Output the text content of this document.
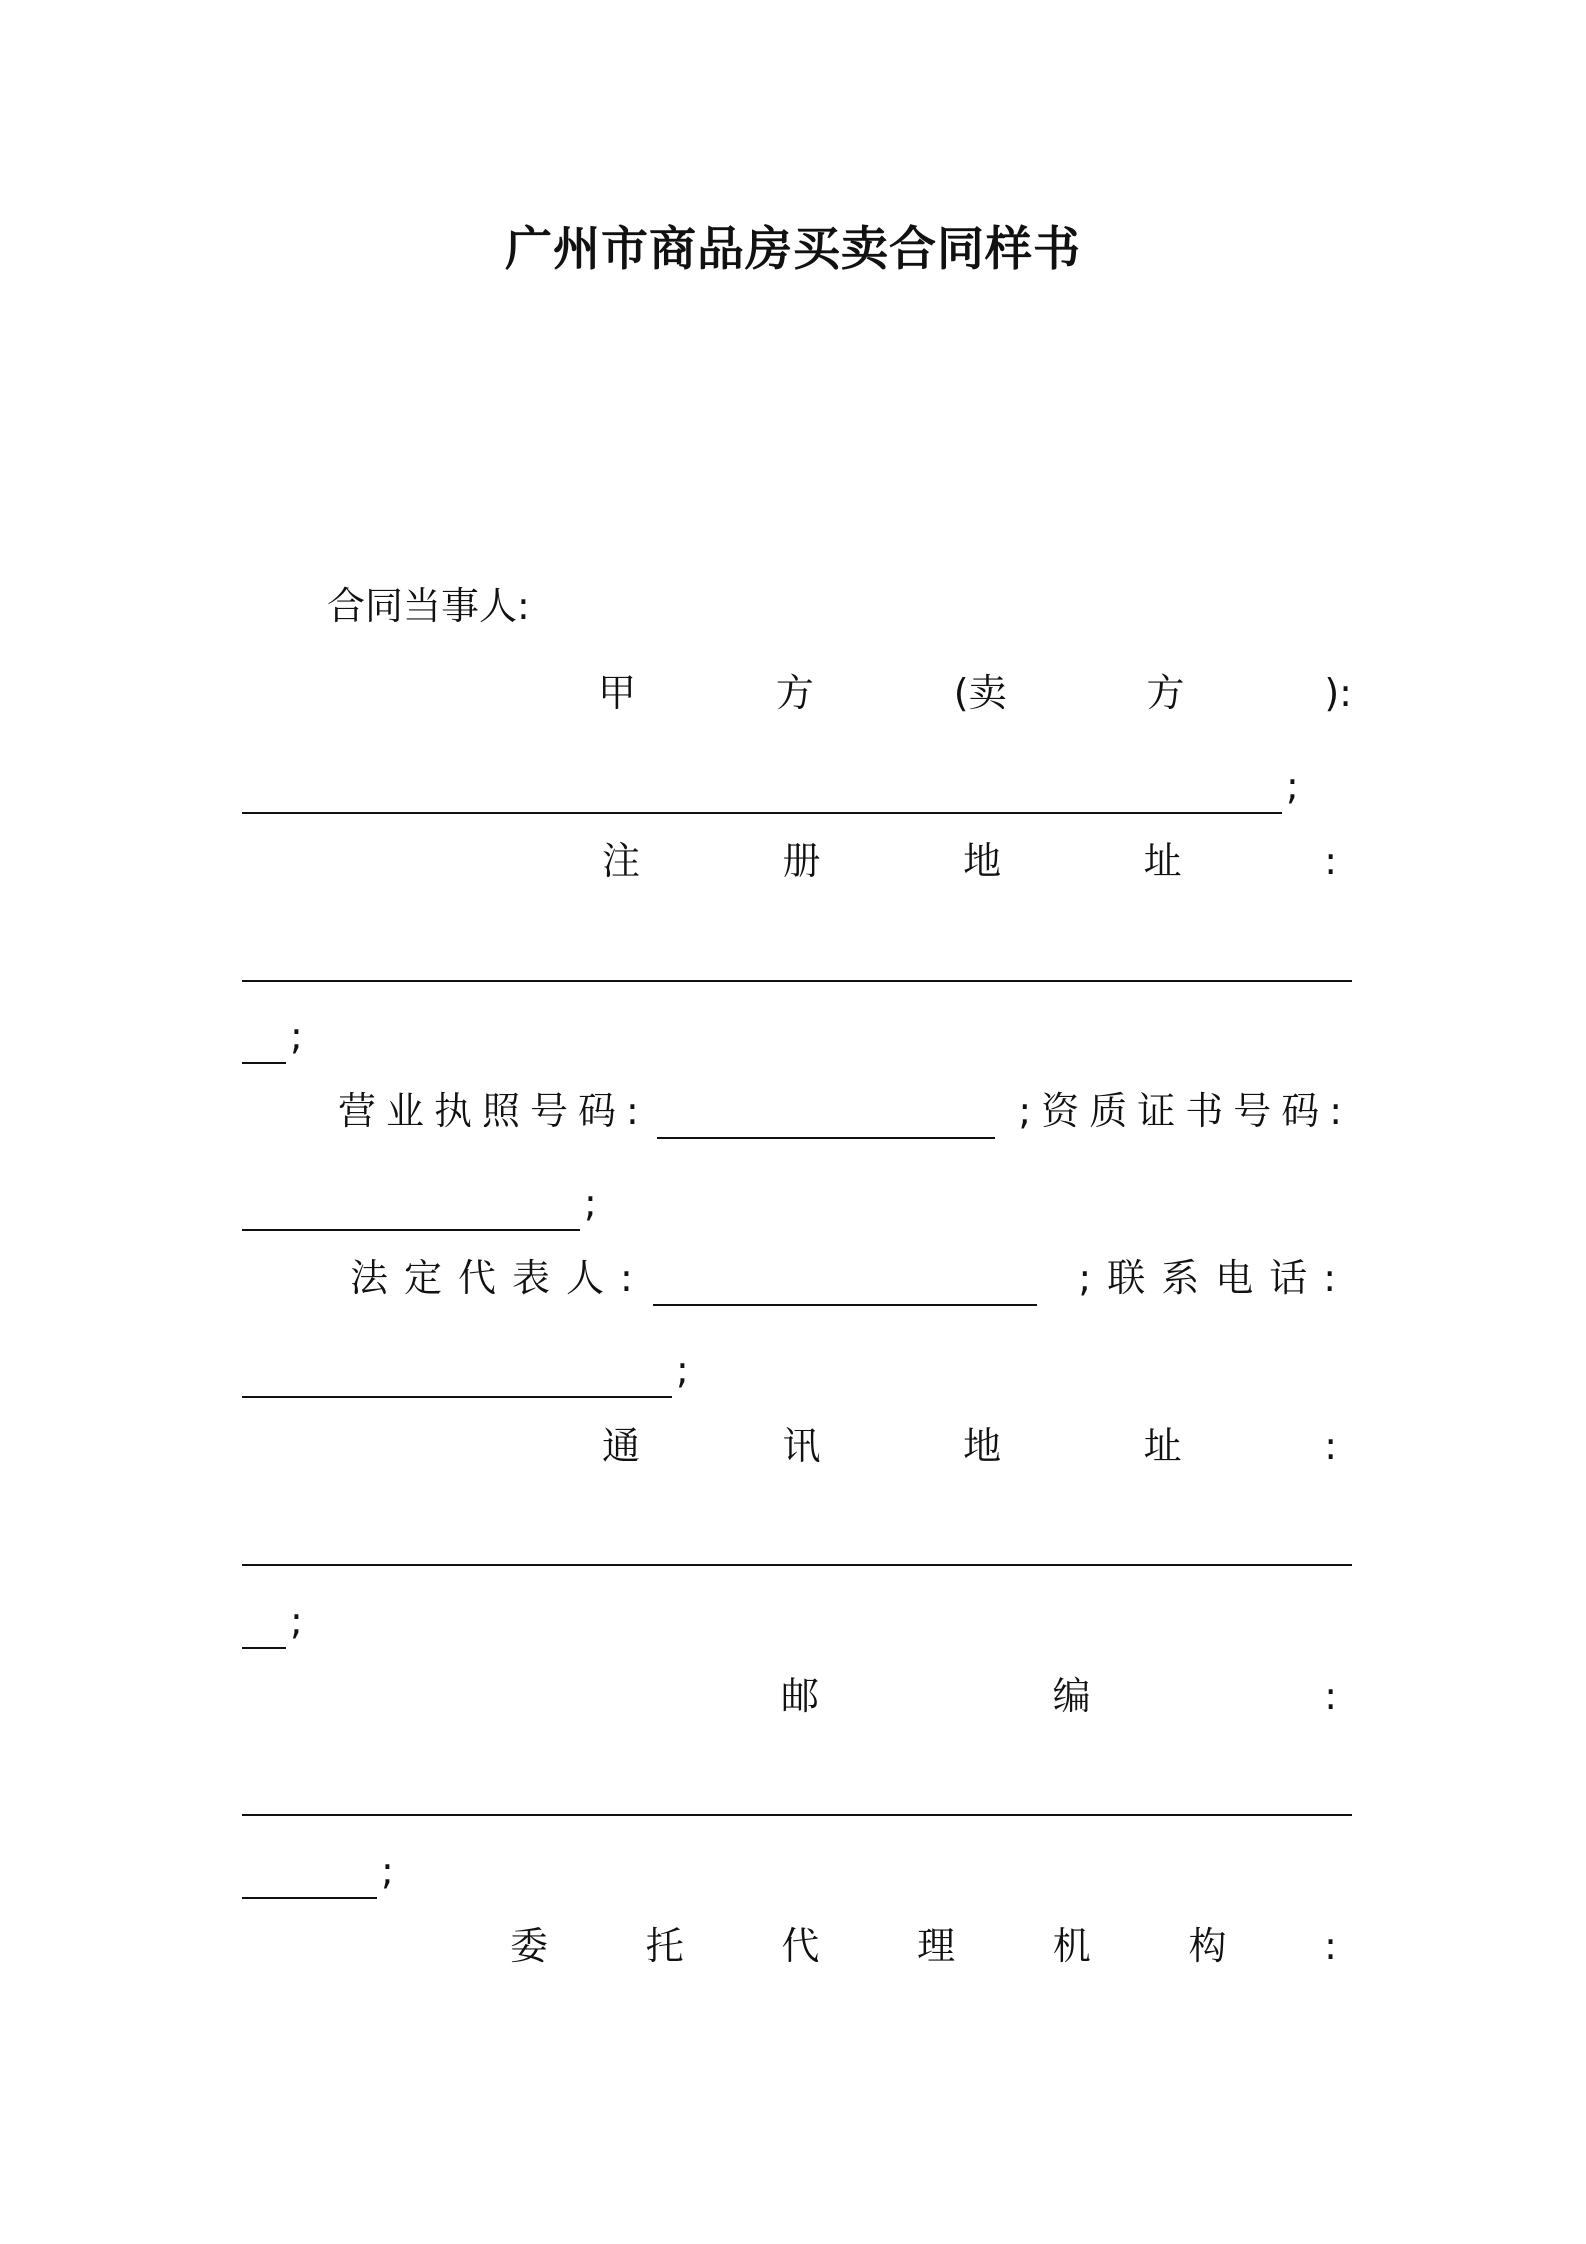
广州市商品房买卖合同样书
合同当事人:
甲	方	(卖	方	):
;
注	册	地	址	:
;
营业执照号码:	;资质证书号码:
;
法定代表人:	;联系电话:
;
通	讯	地	址	:
;
邮	编	:
;
委	托	代	理	机	构	:
